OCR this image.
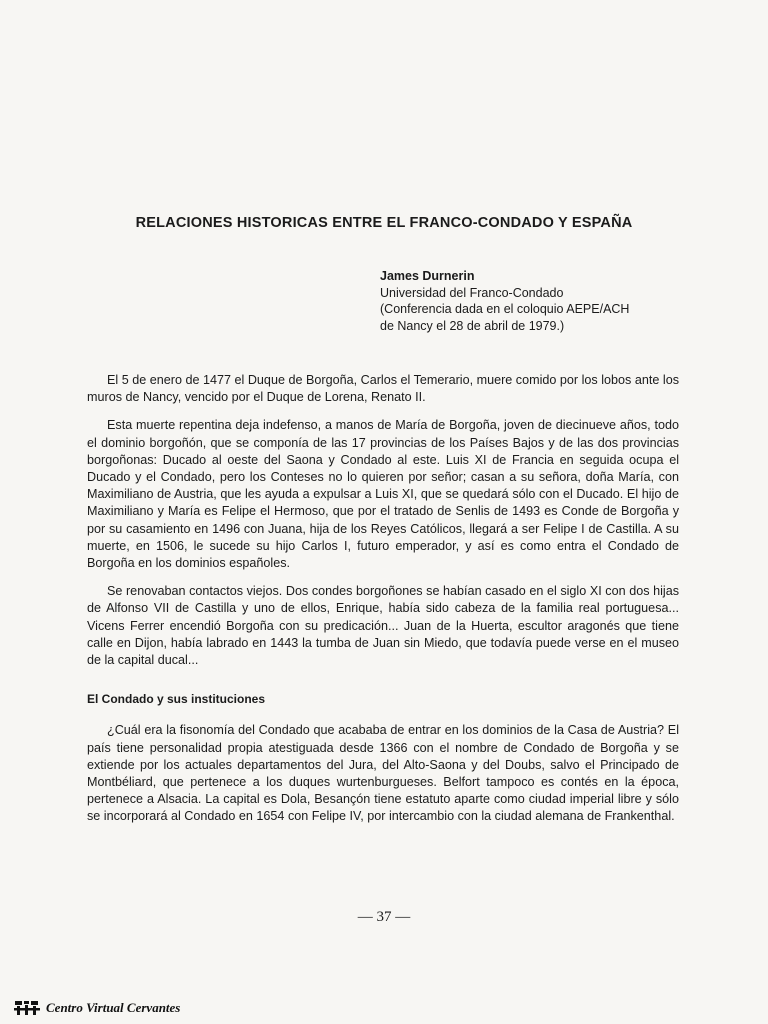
RELACIONES HISTORICAS ENTRE EL FRANCO-CONDADO Y ESPAÑA
James Durnerin
Universidad del Franco-Condado
(Conferencia dada en el coloquio AEPE/ACH
de Nancy el 28 de abril de 1979.)

El 5 de enero de 1477 el Duque de Borgoña, Carlos el Temerario, muere comido por los lobos ante los muros de Nancy, vencido por el Duque de Lorena, Renato II.

Esta muerte repentina deja indefenso, a manos de María de Borgoña, joven de diecinueve años, todo el dominio borgoñón, que se componía de las 17 provincias de los Países Bajos y de las dos provincias borgoñonas: Ducado al oeste del Saona y Condado al este. Luis XI de Francia en seguida ocupa el Ducado y el Condado, pero los Conteses no lo quieren por señor; casan a su señora, doña María, con Maximiliano de Austria, que les ayuda a expulsar a Luis XI, que se quedará sólo con el Ducado. El hijo de Maximiliano y María es Felipe el Hermoso, que por el tratado de Senlis de 1493 es Conde de Borgoña y por su casamiento en 1496 con Juana, hija de los Reyes Católicos, llegará a ser Felipe I de Castilla. A su muerte, en 1506, le sucede su hijo Carlos I, futuro emperador, y así es como entra el Condado de Borgoña en los dominios españoles.

Se renovaban contactos viejos. Dos condes borgoñones se habían casado en el siglo XI con dos hijas de Alfonso VII de Castilla y uno de ellos, Enrique, había sido cabeza de la familia real portuguesa... Vicens Ferrer encendió Borgoña con su predicación... Juan de la Huerta, escultor aragonés que tiene calle en Dijon, había labrado en 1443 la tumba de Juan sin Miedo, que todavía puede verse en el museo de la capital ducal...

El Condado y sus instituciones

¿Cuál era la fisonomía del Condado que acababa de entrar en los dominios de la Casa de Austria? El país tiene personalidad propia atestiguada desde 1366 con el nombre de Condado de Borgoña y se extiende por los actuales departamentos del Jura, del Alto-Saona y del Doubs, salvo el Principado de Montbéliard, que pertenece a los duques wurtenburgueses. Belfort tampoco es contés en la época, pertenece a Alsacia. La capital es Dola, Besançón tiene estatuto aparte como ciudad imperial libre y sólo se incorporará al Condado en 1654 con Felipe IV, por intercambio con la ciudad alemana de Frankenthal.

— 37 —
Centro Virtual Cervantes
